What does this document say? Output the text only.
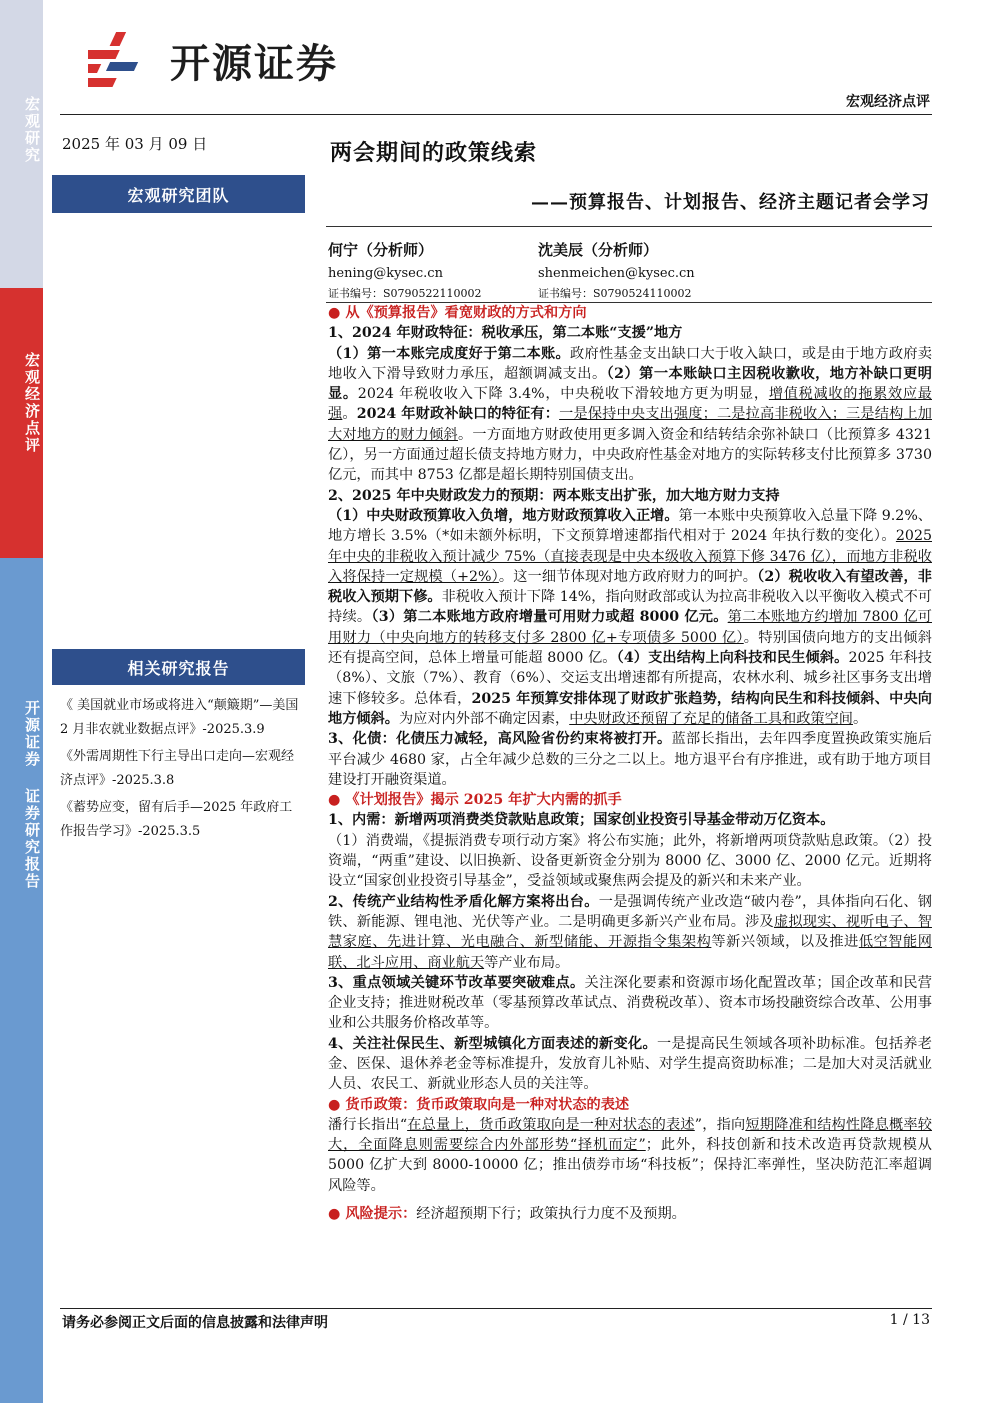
宏观研究
宏观经济点评
开源证券 证券研究报告
开源证券
宏观经济点评
2025 年 03 月 09 日
宏观研究团队
相关研究报告
《 美国就业市场或将进入“颠簸期”—美国 2 月非农就业数据点评》-2025.3.9
《外需周期性下行主导出口走向—宏观经济点评》-2025.3.8
《蓄势应变，留有后手—2025 年政府工作报告学习》-2025.3.5
两会期间的政策线索
——预算报告、计划报告、经济主题记者会学习
何宁（分析师）
hening@kysec.cn
证书编号：S0790522110002
沈美辰（分析师）
shenmeichen@kysec.cn
证书编号：S0790524110002

● 从《预算报告》看宽财政的方式和方向

1、2024 年财政特征：税收承压，第二本账“支援”地方

（1）第一本账完成度好于第二本账。政府性基金支出缺口大于收入缺口，或是由于地方政府卖地收入下滑导致财力承压，超额调减支出。（2）第一本账缺口主因税收歉收，地方补缺口更明显。2024 年税收收入下降 3.4%，中央税收下滑较地方更为明显，增值税减收的拖累效应最强。2024 年财政补缺口的特征有：一是保持中央支出强度；二是拉高非税收入；三是结构上加大对地方的财力倾斜。一方面地方财政使用更多调入资金和结转结余弥补缺口（比预算多 4321 亿），另一方面通过超长债支持地方财力，中央政府性基金对地方的实际转移支付比预算多 3730 亿元，而其中 8753 亿都是超长期特别国债支出。

2、2025 年中央财政发力的预期：两本账支出扩张，加大地方财力支持

（1）中央财政预算收入负增，地方财政预算收入正增。第一本账中央预算收入总量下降 9.2%、地方增长 3.5%（*如未额外标明，下文预算增速都指代相对于 2024 年执行数的变化）。2025 年中央的非税收入预计减少 75%（直接表现是中央本级收入预算下修 3476 亿），而地方非税收入将保持一定规模（+2%）。这一细节体现对地方政府财力的呵护。（2）税收收入有望改善，非税收入预期下修。非税收入预计下降 14%，指向财政部或认为拉高非税收入以平衡收入模式不可持续。（3）第二本账地方政府增量可用财力或超 8000 亿元。第二本账地方约增加 7800 亿可用财力（中央向地方的转移支付多 2800 亿+专项债多 5000 亿）。特别国债向地方的支出倾斜还有提高空间，总体上增量可能超 8000 亿。（4）支出结构上向科技和民生倾斜。2025 年科技（8%）、文旅（7%）、教育（6%）、交运支出增速都有所提高，农林水利、城乡社区事务支出增速下修较多。总体看，2025 年预算安排体现了财政扩张趋势，结构向民生和科技倾斜、中央向地方倾斜。为应对内外部不确定因素，中央财政还预留了充足的储备工具和政策空间。

3、化债：化债压力减轻，高风险省份约束将被打开。蓝部长指出，去年四季度置换政策实施后平台减少 4680 家，占全年减少总数的三分之二以上。地方退平台有序推进，或有助于地方项目建设打开融资渠道。

● 《计划报告》揭示 2025 年扩大内需的抓手

1、内需：新增两项消费类贷款贴息政策；国家创业投资引导基金带动万亿资本。

（1）消费端，《提振消费专项行动方案》将公布实施；此外，将新增两项贷款贴息政策。（2）投资端，“两重”建设、以旧换新、设备更新资金分别为 8000 亿、3000 亿、2000 亿元。近期将设立“国家创业投资引导基金”，受益领域或聚焦两会提及的新兴和未来产业。

2、传统产业结构性矛盾化解方案将出台。一是强调传统产业改造“破内卷”，具体指向石化、钢铁、新能源、锂电池、光伏等产业。二是明确更多新兴产业布局。涉及虚拟现实、视听电子、智慧家庭、先进计算、光电融合、新型储能、开源指令集架构等新兴领域，以及推进低空智能网联、北斗应用、商业航天等产业布局。

3、重点领域关键环节改革要突破难点。关注深化要素和资源市场化配置改革；国企改革和民营企业支持；推进财税改革（零基预算改革试点、消费税改革）、资本市场投融资综合改革、公用事业和公共服务价格改革等。

4、关注社保民生、新型城镇化方面表述的新变化。一是提高民生领域各项补助标准。包括养老金、医保、退休养老金等标准提升，发放育儿补贴、对学生提高资助标准；二是加大对灵活就业人员、农民工、新就业形态人员的关注等。

● 货币政策：货币政策取向是一种对状态的表述

潘行长指出“在总量上，货币政策取向是一种对状态的表述”，指向短期降准和结构性降息概率较大，全面降息则需要综合内外部形势“择机而定”；此外，科技创新和技术改造再贷款规模从 5000 亿扩大到 8000-10000 亿；推出债券市场“科技板”；保持汇率弹性，坚决防范汇率超调风险等。

● 风险提示：经济超预期下行；政策执行力度不及预期。

请务必参阅正文后面的信息披露和法律声明	1 / 13
